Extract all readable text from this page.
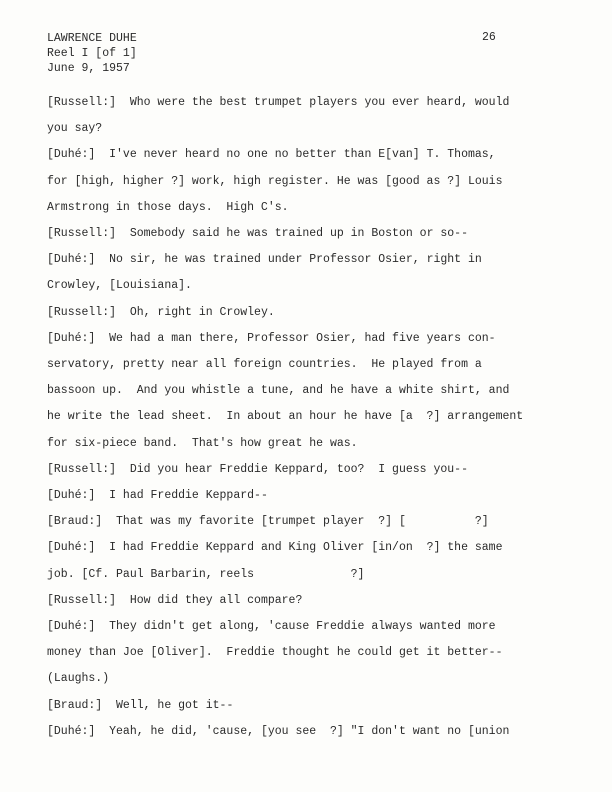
LAWRENCE DUHE
Reel I [of 1]
June 9, 1957
26
[Russell:]  Who were the best trumpet players you ever heard, would
you say?
[Duhé:]  I've never heard no one no better than E[van] T. Thomas,
for [high, higher ?] work, high register. He was [good as ?] Louis
Armstrong in those days.  High C's.
[Russell:]  Somebody said he was trained up in Boston or so--
[Duhé:]  No sir, he was trained under Professor Osier, right in
Crowley, [Louisiana].
[Russell:]  Oh, right in Crowley.
[Duhé:]  We had a man there, Professor Osier, had five years con-
servatory, pretty near all foreign countries.  He played from a
bassoon up.  And you whistle a tune, and he have a white shirt, and
he write the lead sheet.  In about an hour he have [a  ?] arrangement
for six-piece band.  That's how great he was.
[Russell:]  Did you hear Freddie Keppard, too?  I guess you--
[Duhé:]  I had Freddie Keppard--
[Braud:]  That was my favorite [trumpet player  ?] [          ?]
[Duhé:]  I had Freddie Keppard and King Oliver [in/on  ?] the same
job. [Cf. Paul Barbarin, reels              ?]
[Russell:]  How did they all compare?
[Duhé:]  They didn't get along, 'cause Freddie always wanted more
money than Joe [Oliver].  Freddie thought he could get it better--
(Laughs.)
[Braud:]  Well, he got it--
[Duhé:]  Yeah, he did, 'cause, [you see  ?] "I don't want no [union
